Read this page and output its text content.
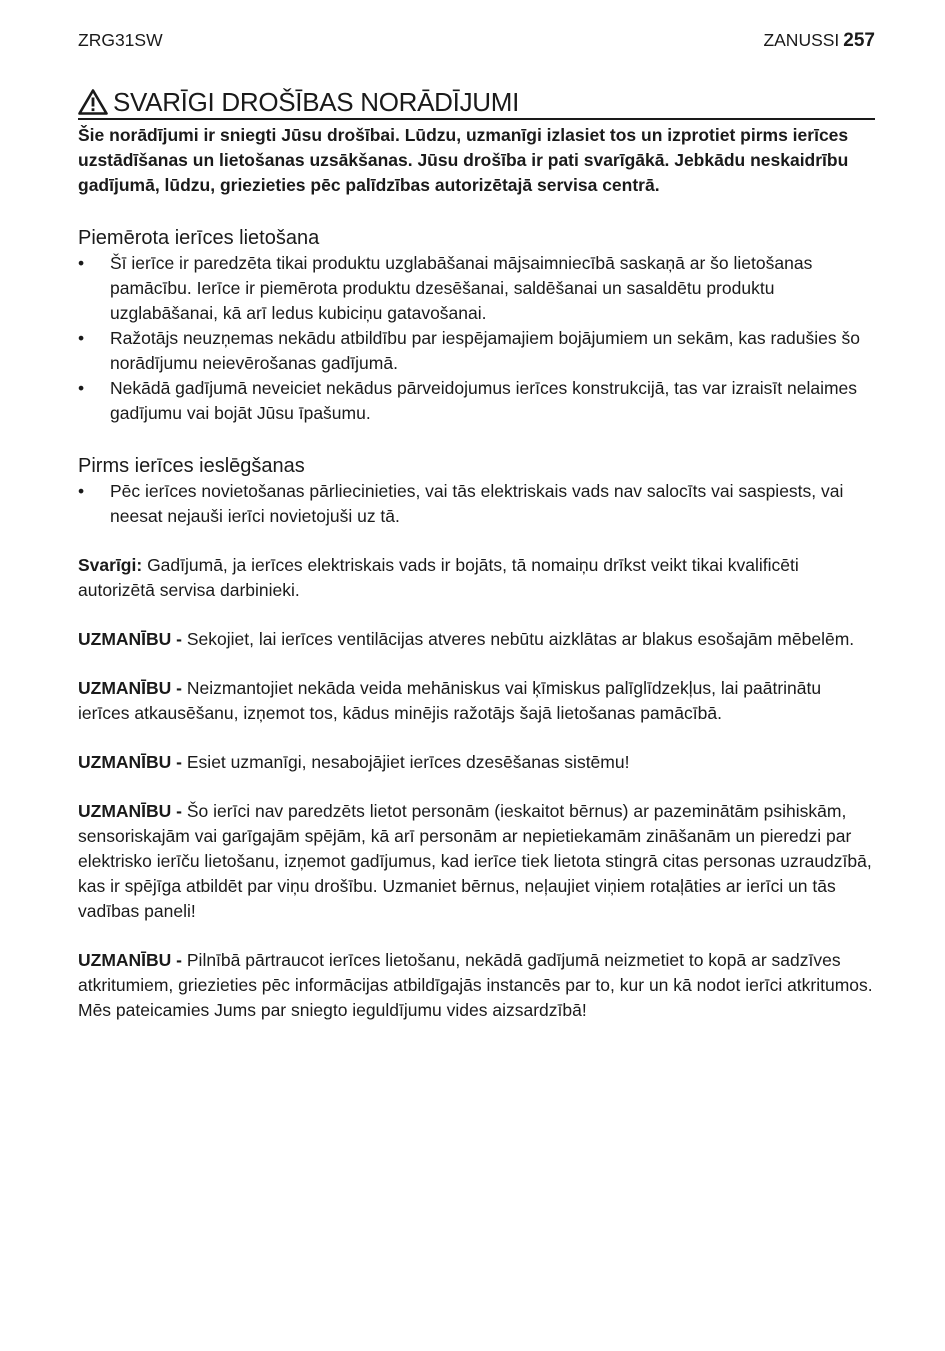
ZRG31SW	ZANUSSI 257
SVARĪGI DROŠĪBAS NORĀDĪJUMI

Šie norādījumi ir sniegti Jūsu drošībai. Lūdzu, uzmanīgi izlasiet tos un izprotiet pirms ierīces uzstādīšanas un lietošanas uzsākšanas. Jūsu drošība ir pati svarīgākā. Jebkādu neskaidrību gadījumā, lūdzu, griezieties pēc palīdzības autorizētajā servisa centrā.

Piemērota ierīces lietošana
• Šī ierīce ir paredzēta tikai produktu uzglabāšanai mājsaimniecībā saskaņā ar šo lietošanas pamācību. Ierīce ir piemērota produktu dzesēšanai, saldēšanai un sasaldētu produktu uzglabāšanai, kā arī ledus kubiciņu gatavošanai.
• Ražotājs neuzņemas nekādu atbildību par iespējamajiem bojājumiem un sekām, kas radušies šo norādījumu neievērošanas gadījumā.
• Nekādā gadījumā neveiciet nekādus pārveidojumus ierīces konstrukcijā, tas var izraisīt nelaimes gadījumu vai bojāt Jūsu īpašumu.
Pirms ierīces ieslēgšanas
• Pēc ierīces novietošanas pārliecinieties, vai tās elektriskais vads nav salocīts vai saspiests, vai neesat nejauši ierīci novietojuši uz tā.

Svarīgi: Gadījumā, ja ierīces elektriskais vads ir bojāts, tā nomaiņu drīkst veikt tikai kvalificēti autorizētā servisa darbinieki.

UZMANĪBU - Sekojiet, lai ierīces ventilācijas atveres nebūtu aizklātas ar blakus esošajām mēbelēm.

UZMANĪBU - Neizmantojiet nekāda veida mehāniskus vai ķīmiskus palīglīdzekļus, lai paātrinātu ierīces atkausēšanu, izņemot tos, kādus minējis ražotājs šajā lietošanas pamācībā.

UZMANĪBU - Esiet uzmanīgi, nesabojājiet ierīces dzesēšanas sistēmu!

UZMANĪBU - Šo ierīci nav paredzēts lietot personām (ieskaitot bērnus) ar pazeminātām psihiskām, sensoriskajām vai garīgajām spējām, kā arī personām ar nepietiekamām zināšanām un pieredzi par elektrisko ierīču lietošanu, izņemot gadījumus, kad ierīce tiek lietota stingrā citas personas uzraudzībā, kas ir spējīga atbildēt par viņu drošību. Uzmaniet bērnus, neļaujiet viņiem rotaļāties ar ierīci un tās vadības paneli!

UZMANĪBU - Pilnībā pārtraucot ierīces lietošanu, nekādā gadījumā neizmetiet to kopā ar sadzīves atkritumiem, griezieties pēc informācijas atbildīgajās instancēs par to, kur un kā nodot ierīci atkritumos. Mēs pateicamies Jums par sniegto ieguldījumu vides aizsardzībā!
